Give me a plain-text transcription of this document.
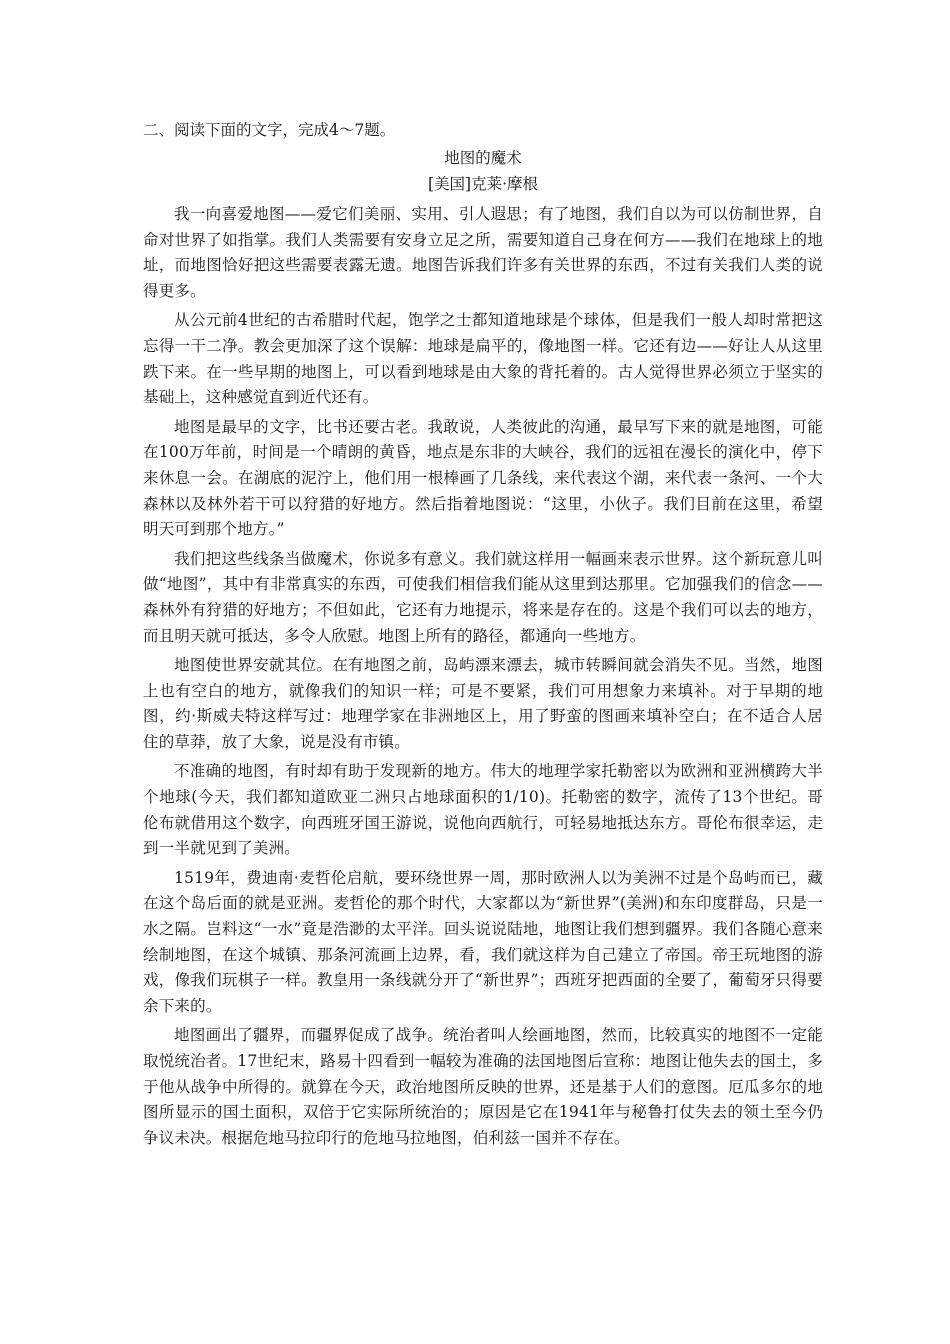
二、阅读下面的文字，完成4～7题。
地图的魔术
[美国]克莱·摩根

我一向喜爱地图——爱它们美丽、实用、引人遐思；有了地图，我们自以为可以仿制世界，自命对世界了如指掌。我们人类需要有安身立足之所，需要知道自己身在何方——我们在地球上的地址，而地图恰好把这些需要表露无遗。地图告诉我们许多有关世界的东西，不过有关我们人类的说得更多。

从公元前4世纪的古希腊时代起，饱学之士都知道地球是个球体，但是我们一般人却时常把这忘得一干二净。教会更加深了这个误解：地球是扁平的，像地图一样。它还有边——好让人从这里跌下来。在一些早期的地图上，可以看到地球是由大象的背托着的。古人觉得世界必须立于坚实的基础上，这种感觉直到近代还有。

地图是最早的文字，比书还要古老。我敢说，人类彼此的沟通，最早写下来的就是地图，可能在100万年前，时间是一个晴朗的黄昏，地点是东非的大峡谷，我们的远祖在漫长的演化中，停下来休息一会。在湖底的泥泞上，他们用一根棒画了几条线，来代表这个湖，来代表一条河、一个大森林以及林外若干可以狩猎的好地方。然后指着地图说：“这里，小伙子。我们目前在这里，希望明天可到那个地方。”

我们把这些线条当做魔术，你说多有意义。我们就这样用一幅画来表示世界。这个新玩意儿叫做“地图”，其中有非常真实的东西，可使我们相信我们能从这里到达那里。它加强我们的信念——森林外有狩猎的好地方；不但如此，它还有力地提示，将来是存在的。这是个我们可以去的地方，而且明天就可抵达，多令人欣慰。地图上所有的路径，都通向一些地方。

地图使世界安就其位。在有地图之前，岛屿漂来漂去，城市转瞬间就会消失不见。当然，地图上也有空白的地方，就像我们的知识一样；可是不要紧，我们可用想象力来填补。对于早期的地图，约·斯威夫特这样写过：地理学家在非洲地区上，用了野蛮的图画来填补空白；在不适合人居住的草莽，放了大象，说是没有市镇。

不准确的地图，有时却有助于发现新的地方。伟大的地理学家托勒密以为欧洲和亚洲横跨大半个地球(今天，我们都知道欧亚二洲只占地球面积的1/10)。托勒密的数字，流传了13个世纪。哥伦布就借用这个数字，向西班牙国王游说，说他向西航行，可轻易地抵达东方。哥伦布很幸运，走到一半就见到了美洲。

1519年，费迪南·麦哲伦启航，要环绕世界一周，那时欧洲人以为美洲不过是个岛屿而已，藏在这个岛后面的就是亚洲。麦哲伦的那个时代，大家都以为“新世界”(美洲)和东印度群岛，只是一水之隔。岂料这“一水”竟是浩渺的太平洋。回头说说陆地，地图让我们想到疆界。我们各随心意来绘制地图，在这个城镇、那条河流画上边界，看，我们就这样为自己建立了帝国。帝王玩地图的游戏，像我们玩棋子一样。教皇用一条线就分开了“新世界”；西班牙把西面的全要了，葡萄牙只得要余下来的。

地图画出了疆界，而疆界促成了战争。统治者叫人绘画地图，然而，比较真实的地图不一定能取悦统治者。17世纪末，路易十四看到一幅较为准确的法国地图后宣称：地图让他失去的国土，多于他从战争中所得的。就算在今天，政治地图所反映的世界，还是基于人们的意图。厄瓜多尔的地图所显示的国土面积，双倍于它实际所统治的；原因是它在1941年与秘鲁打仗失去的领土至今仍争议未决。根据危地马拉印行的危地马拉地图，伯利兹一国并不存在。
